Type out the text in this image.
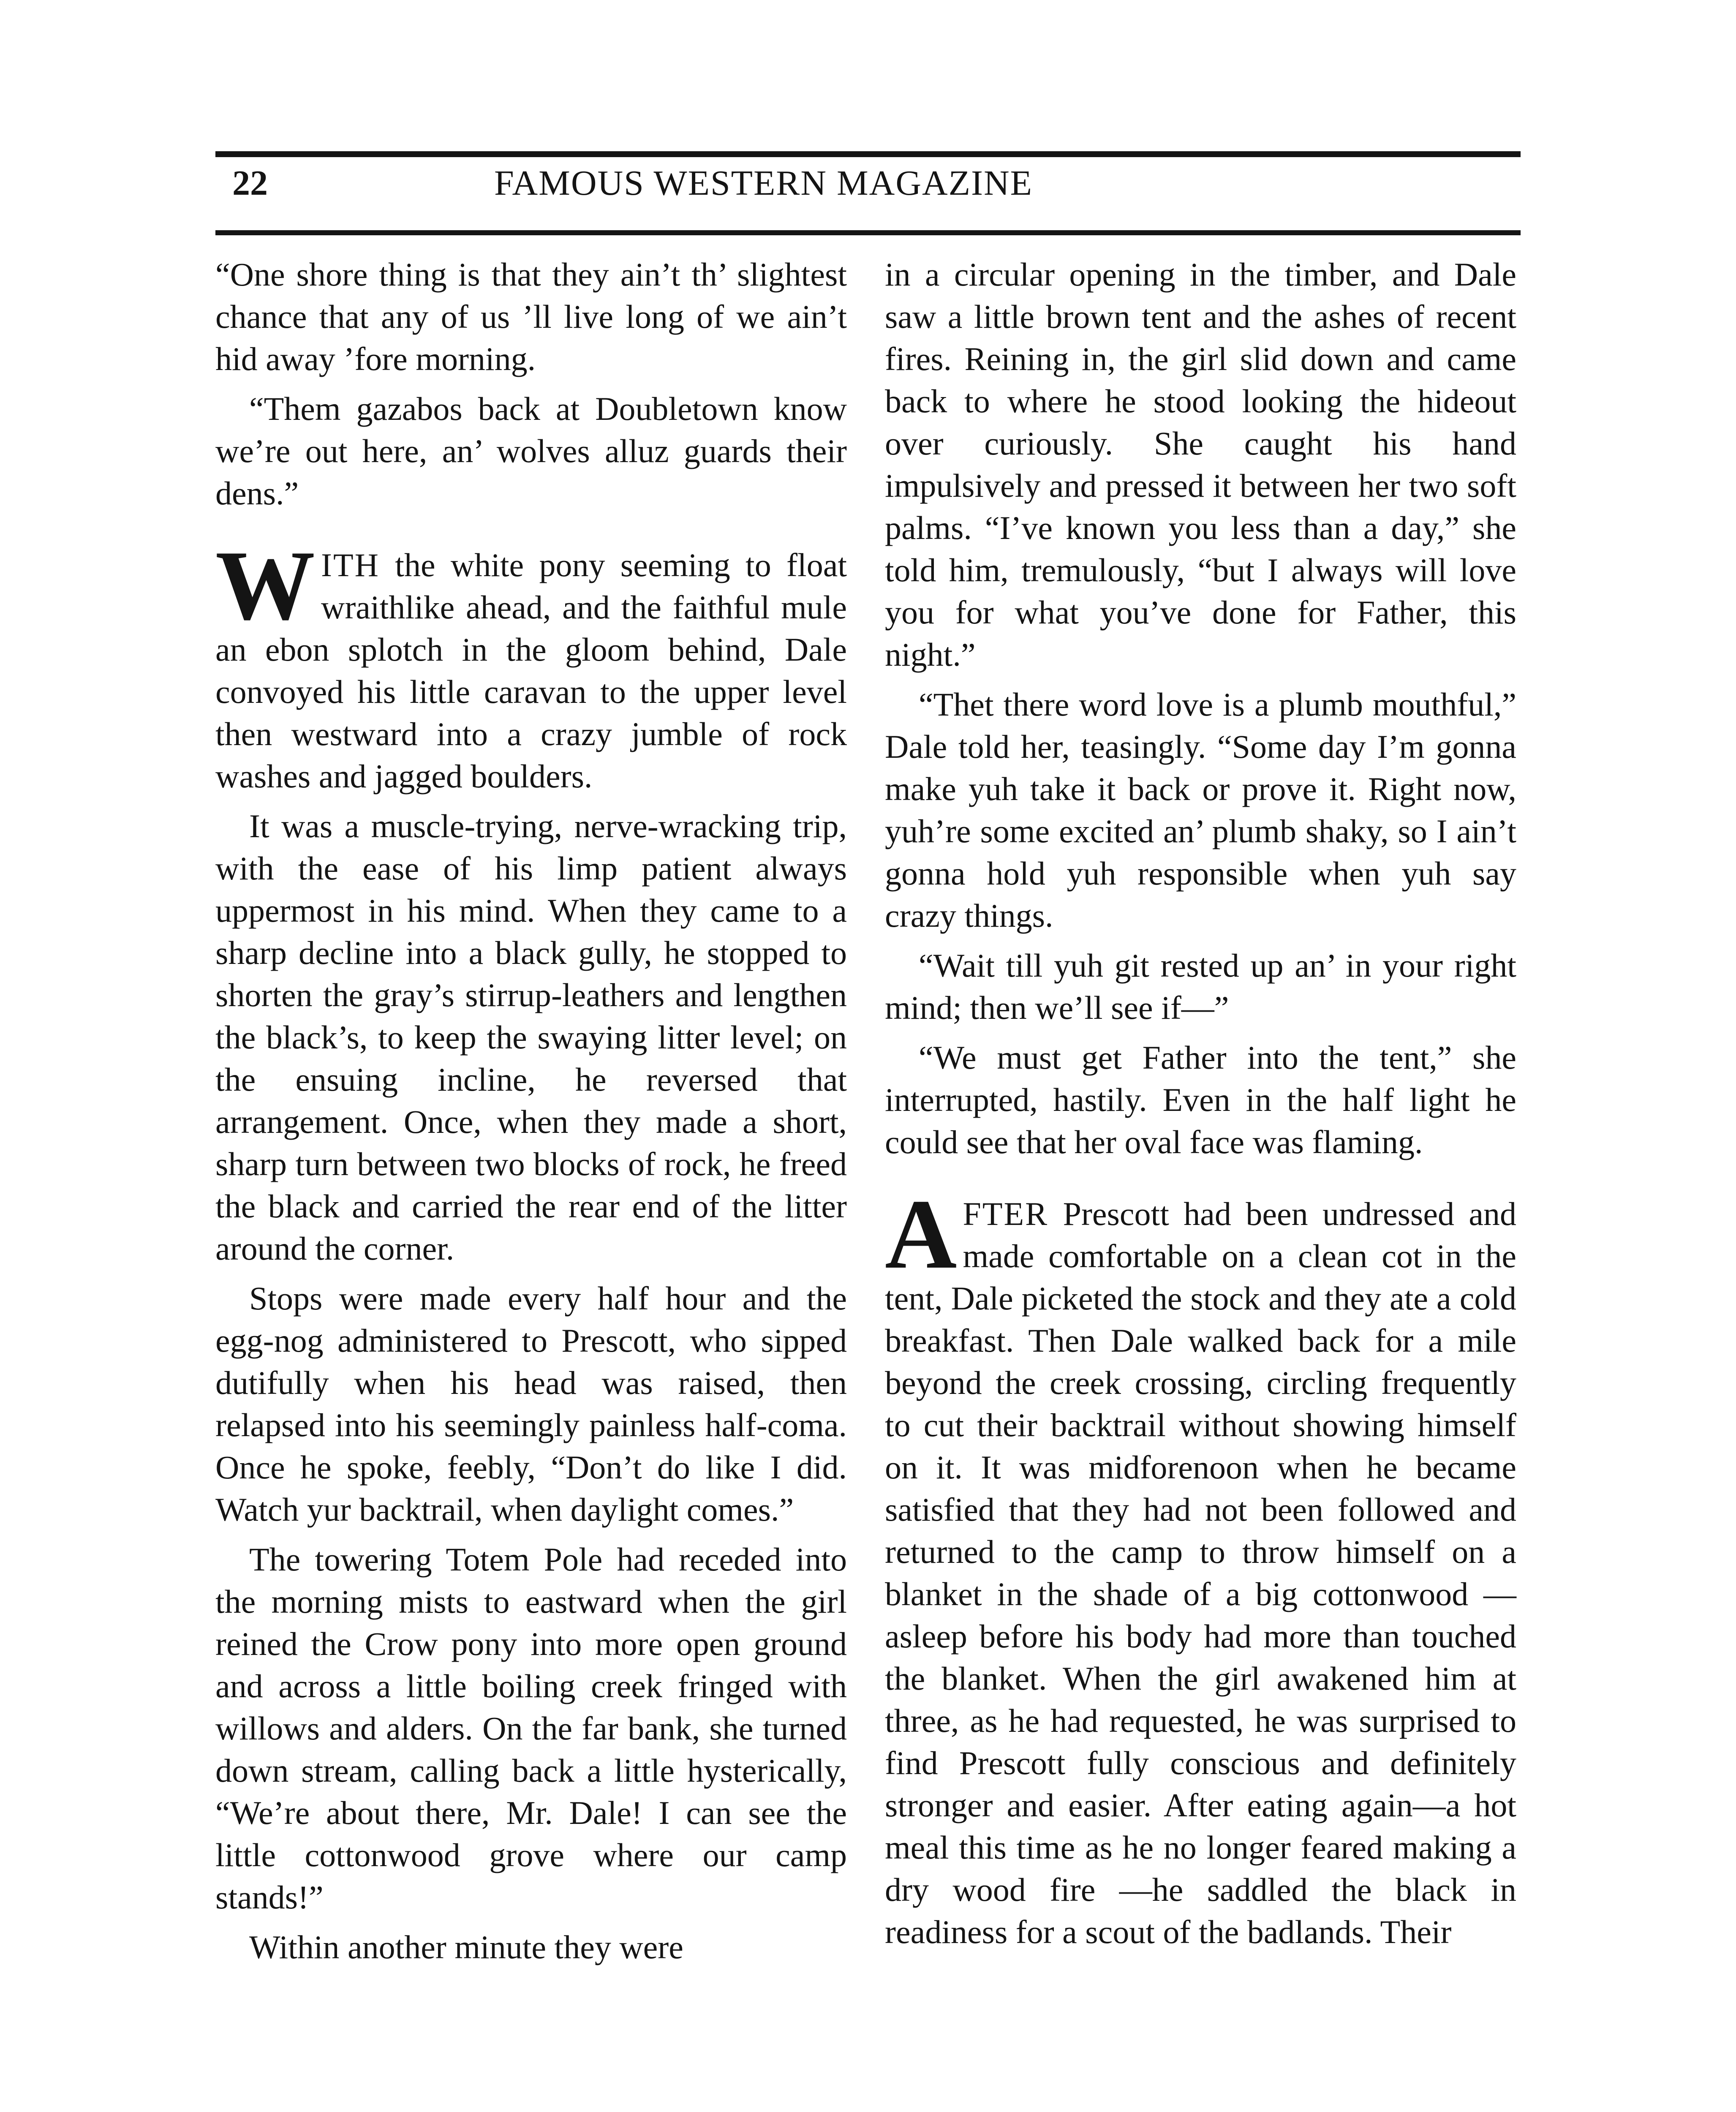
22	FAMOUS WESTERN MAGAZINE

“One shore thing is that they ain’t th’ slightest chance that any of us ’ll live long of we ain’t hid away ’fore morning.

“Them gazabos back at Doubletown know we’re out here, an’ wolves alluz guards their dens.”

WITH the white pony seeming to float wraithlike ahead, and the faithful mule an ebon splotch in the gloom behind, Dale convoyed his little caravan to the upper level then westward into a crazy jumble of rock washes and jagged boulders.

It was a muscle-trying, nerve-wracking trip, with the ease of his limp patient always uppermost in his mind. When they came to a sharp decline into a black gully, he stopped to shorten the gray’s stirrup-leathers and lengthen the black’s, to keep the swaying litter level; on the ensuing incline, he reversed that arrangement. Once, when they made a short, sharp turn between two blocks of rock, he freed the black and carried the rear end of the litter around the corner.

Stops were made every half hour and the egg-nog administered to Prescott, who sipped dutifully when his head was raised, then relapsed into his seemingly painless half-coma. Once he spoke, feebly, “Don’t do like I did. Watch yur backtrail, when daylight comes.”

The towering Totem Pole had receded into the morning mists to eastward when the girl reined the Crow pony into more open ground and across a little boiling creek fringed with willows and alders. On the far bank, she turned down stream, calling back a little hysterically, “We’re about there, Mr. Dale! I can see the little cottonwood grove where our camp stands!”

Within another minute they were

in a circular opening in the timber, and Dale saw a little brown tent and the ashes of recent fires. Reining in, the girl slid down and came back to where he stood looking the hideout over curiously. She caught his hand impulsively and pressed it between her two soft palms. “I’ve known you less than a day,” she told him, tremulously, “but I always will love you for what you’ve done for Father, this night.”

“Thet there word love is a plumb mouthful,” Dale told her, teasingly. “Some day I’m gonna make yuh take it back or prove it. Right now, yuh’re some excited an’ plumb shaky, so I ain’t gonna hold yuh responsible when yuh say crazy things.

“Wait till yuh git rested up an’ in your right mind; then we’ll see if—”

“We must get Father into the tent,” she interrupted, hastily. Even in the half light he could see that her oval face was flaming.

AFTER Prescott had been undressed and made comfortable on a clean cot in the tent, Dale picketed the stock and they ate a cold breakfast. Then Dale walked back for a mile beyond the creek crossing, circling frequently to cut their backtrail without showing himself on it. It was midforenoon when he became satisfied that they had not been followed and returned to the camp to throw himself on a blanket in the shade of a big cottonwood — asleep before his body had more than touched the blanket. When the girl awakened him at three, as he had requested, he was surprised to find Prescott fully conscious and definitely stronger and easier. After eating again—a hot meal this time as he no longer feared making a dry wood fire —he saddled the black in readiness for a scout of the badlands. Their
